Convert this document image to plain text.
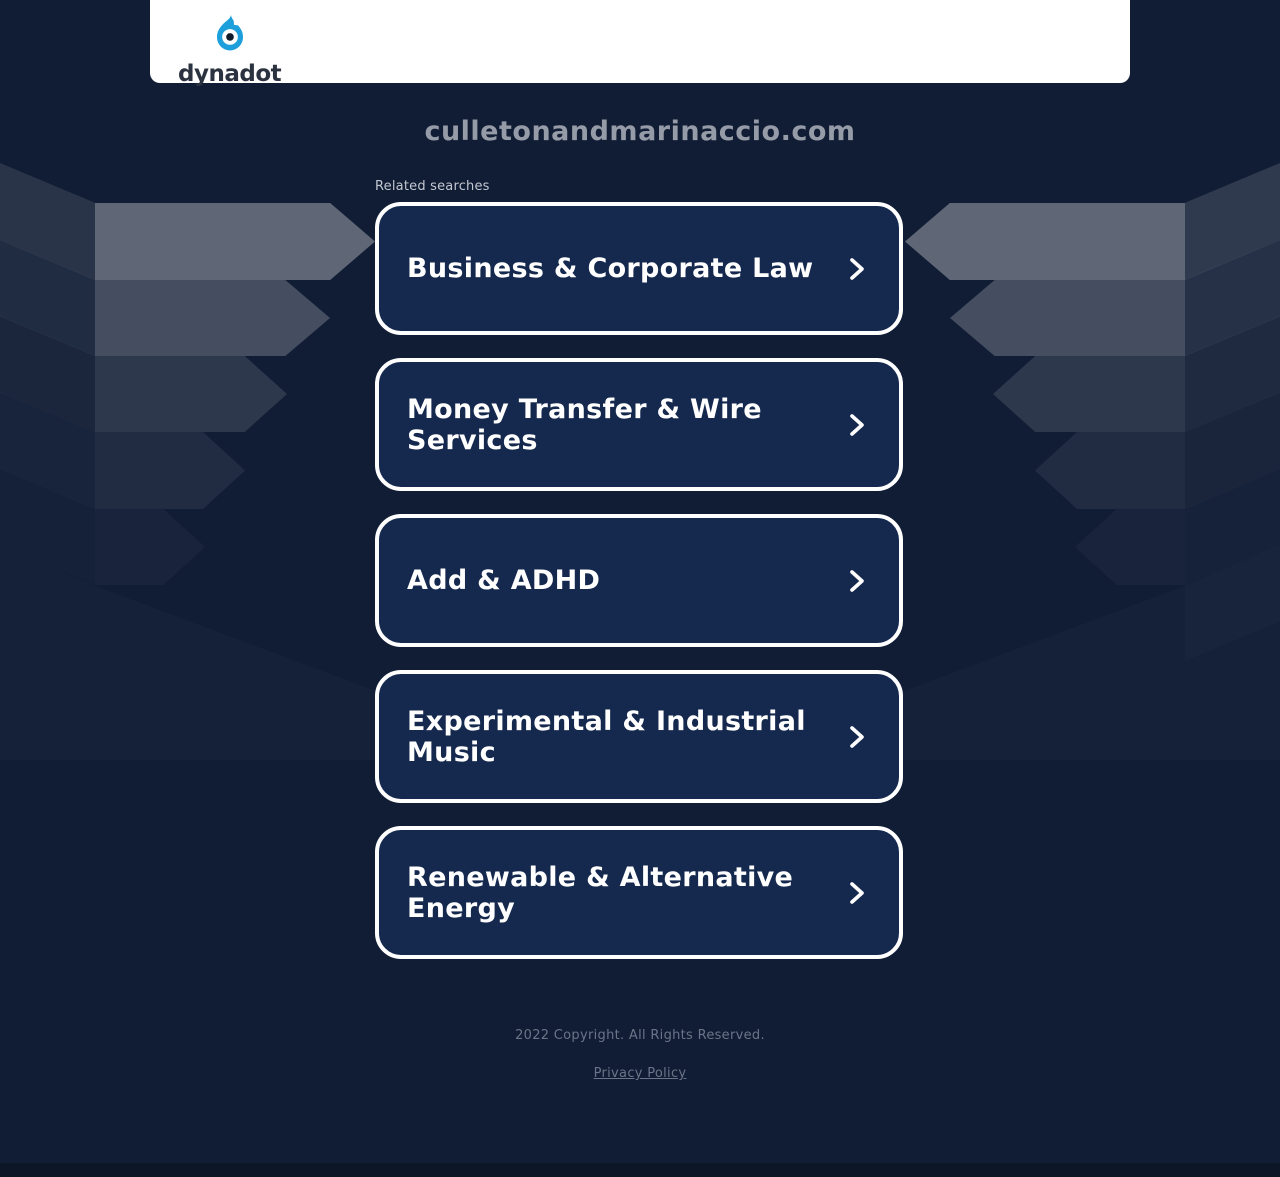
dynadot
culletonandmarinaccio.com
Related searches
Business & Corporate Law
Money Transfer & Wire Services
Add & ADHD
Experimental & Industrial Music
Renewable & Alternative Energy
2022 Copyright. All Rights Reserved.
Privacy Policy
